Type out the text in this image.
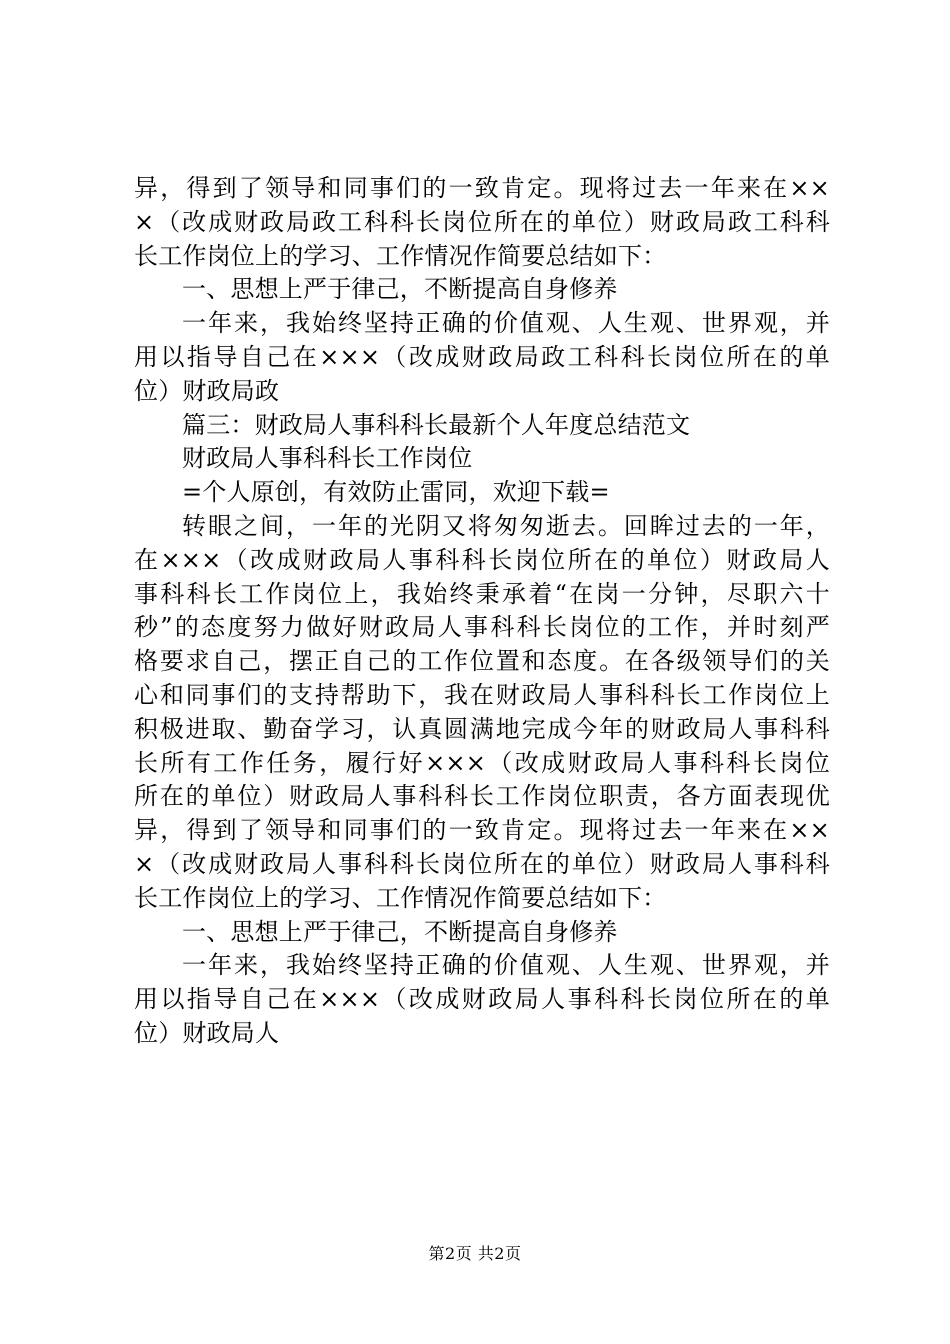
异，得到了领导和同事们的一致肯定。现将过去一年来在××
×（改成财政局政工科科长岗位所在的单位）财政局政工科科
长工作岗位上的学习、工作情况作简要总结如下：
一、思想上严于律己，不断提高自身修养
一年来，我始终坚持正确的价值观、人生观、世界观，并
用以指导自己在×××（改成财政局政工科科长岗位所在的单
位）财政局政
篇三：财政局人事科科长最新个人年度总结范文
财政局人事科科长工作岗位
=个人原创，有效防止雷同，欢迎下载=
转眼之间，一年的光阴又将匆匆逝去。回眸过去的一年，
在×××（改成财政局人事科科长岗位所在的单位）财政局人
事科科长工作岗位上，我始终秉承着“在岗一分钟，尽职六十
秒”的态度努力做好财政局人事科科长岗位的工作，并时刻严
格要求自己，摆正自己的工作位置和态度。在各级领导们的关
心和同事们的支持帮助下，我在财政局人事科科长工作岗位上
积极进取、勤奋学习，认真圆满地完成今年的财政局人事科科
长所有工作任务，履行好×××（改成财政局人事科科长岗位
所在的单位）财政局人事科科长工作岗位职责，各方面表现优
异，得到了领导和同事们的一致肯定。现将过去一年来在××
×（改成财政局人事科科长岗位所在的单位）财政局人事科科
长工作岗位上的学习、工作情况作简要总结如下：
一、思想上严于律己，不断提高自身修养
一年来，我始终坚持正确的价值观、人生观、世界观，并
用以指导自己在×××（改成财政局人事科科长岗位所在的单
位）财政局人
第2页 共2页
